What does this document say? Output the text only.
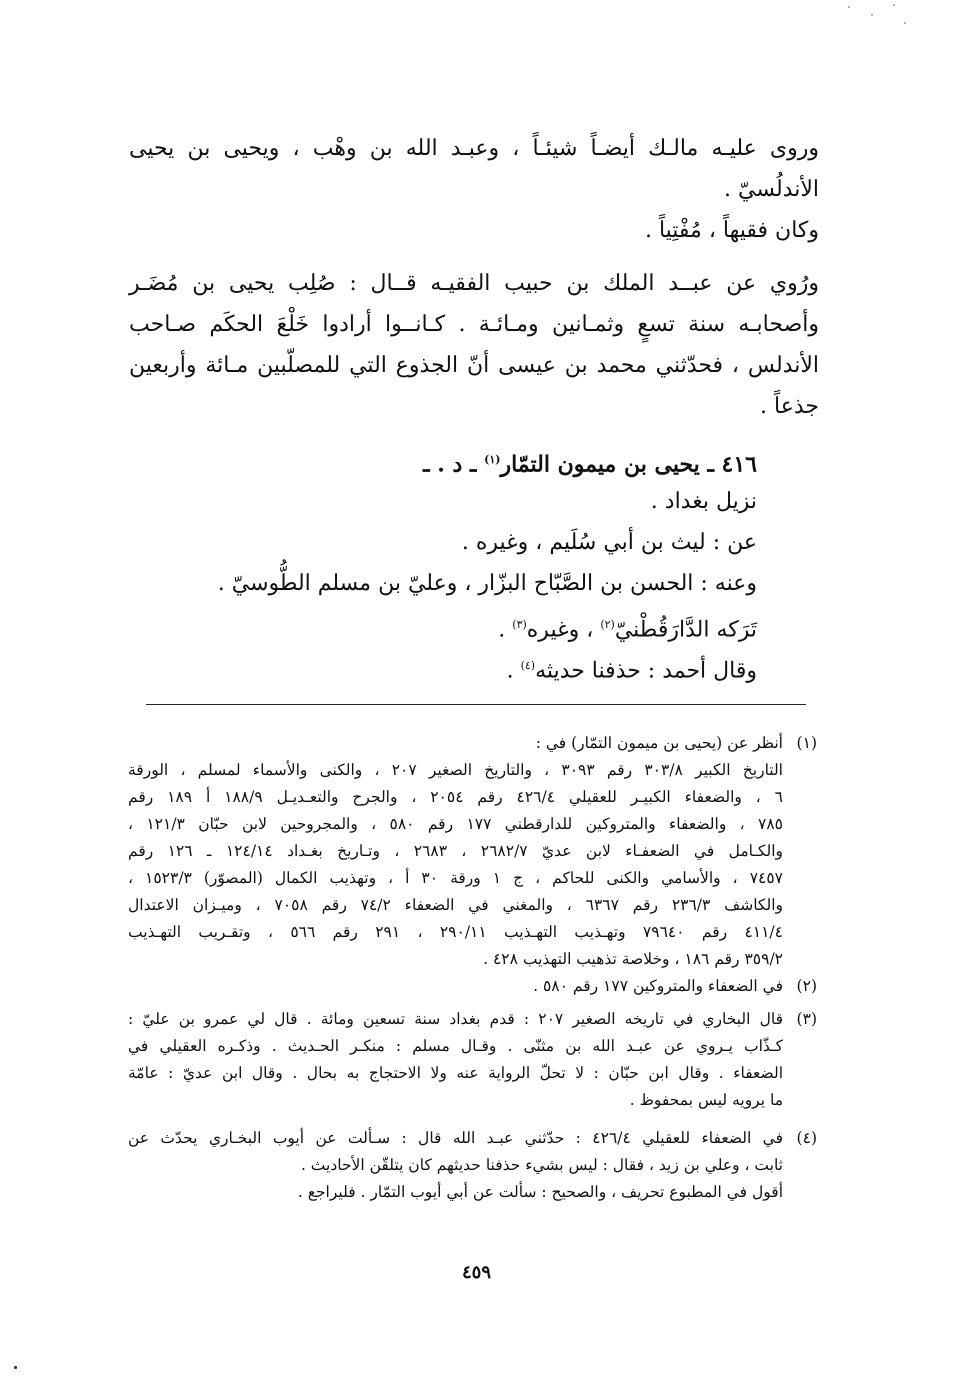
وروى عليـه مالـك أيضـاً شيئـاً ، وعبـد الله بن وهْب ، ويحيى بن يحيى
الأندلُسيّ .
وكان فقيهاً ، مُفْتِياً .
ورُوي عن عبــد الملك بن حبيب الفقيـه قــال : صُلِب يحيى بن مُضَـر
وأصحابـه سنة تسعٍ وثمـانين ومـائـة . كـانــوا أرادوا خَلْعَ الحكَم صـاحب
الأندلس ، فحدّثني محمد بن عيسى أنّ الجذوع التي للمصلّبين مـائة وأربعين
جذعاً .
٤١٦ ـ يحيى بن ميمون التمّار$^{(١)}$ ـ د . ـ
نزيل بغداد .
عن : ليث بن أبي سُلَيم ، وغيره .
وعنه : الحسن بن الصَّبّاح البزّار ، وعليّ بن مسلم الطُّوسيّ .
تَرَكه الدَّارَقُطْنيّ$^{(٢)}$ ، وغيره$^{(٣)}$ .
وقال أحمد : حذفنا حديثه$^{(٤)}$ .
(١)
أنظر عن (يحيى بن ميمون التمّار) في :
التاريخ الكبير ٣٠٣/٨ رقم ٣٠٩٣ ، والتاريخ الصغير ٢٠٧ ، والكنى والأسماء لمسلم ، الورقة
٦ ، والضعفاء الكبيـر للعقيلي ٤٢٦/٤ رقم ٢٠٥٤ ، والجرح والتعـديـل ١٨٨/٩ أ ١٨٩ رقم
٧٨٥ ، والضعفاء والمتروكين للدارقطني ١٧٧ رقم ٥٨٠ ، والمجروحين لابن حبّان ١٢١/٣ ،
والكـامل في الضعفـاء لابن عديّ ٢٦٨٢/٧ ، ٢٦٨٣ ، وتـاريخ بغـداد ١٢٤/١٤ ـ ١٢٦ رقم
٧٤٥٧ ، والأسامي والكنى للحاكم ، ج ١ ورقة ٣٠ أ ، وتهذيب الكمال (المصوّر) ١٥٢٣/٣ ،
والكاشف ٢٣٦/٣ رقم ٦٣٦٧ ، والمغني في الضعفاء ٧٤/٢ رقم ٧٠٥٨ ، وميـزان الاعتدال
٤١١/٤ رقم ٧٩٦٤٠ وتهـذيب التهـذيب ٢٩٠/١١ ، ٢٩١ رقم ٥٦٦ ، وتقـريب التهـذيب
٣٥٩/٢ رقم ١٨٦ ، وخلاصة تذهيب التهذيب ٤٢٨ .
(٢)
في الضعفاء والمتروكين ١٧٧ رقم ٥٨٠ .
(٣)
قال البخاري في تاريخه الصغير ٢٠٧ : قدم بغداد سنة تسعين ومائة . قال لي عمرو بن عليّ :
كـذّاب يـروي عن عبـد الله بن مثنّى . وقـال مسلم : منكـر الحـديث . وذكـره العقيلي في
الضعفاء . وقال ابن حبّان : لا تحلّ الرواية عنه ولا الاحتجاج به بحال . وقال ابن عديّ : عامّة
ما يرويه ليس بمحفوظ .
(٤)
في الضعفاء للعقيلي ٤٢٦/٤ : حدّثني عبـد الله قال : سـألت عن أيوب البخـاري يحدّث عن
ثابت ، وعلي بن زيد ، فقال : ليس بشيء حذفنا حديثهم كان يتلقّن الأحاديث .
أقول في المطبوع تحريف ، والصحيح : سألت عن أبي أيوب التمّار . فليراجع .
٤٥٩
